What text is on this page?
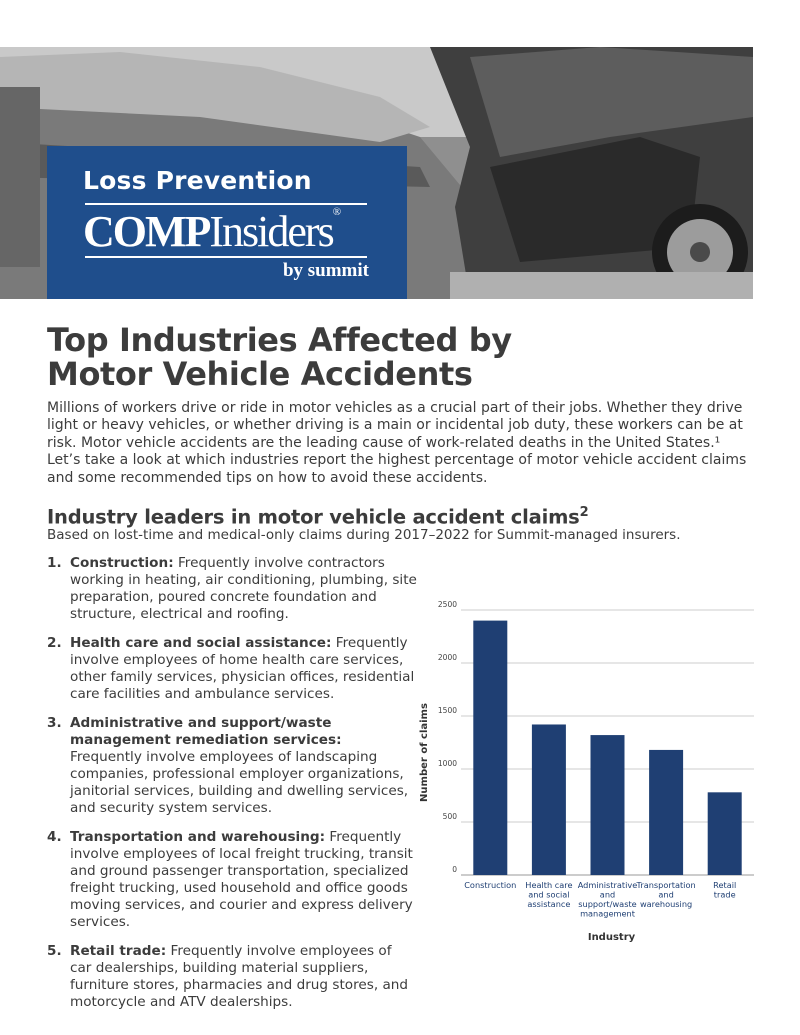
Loss Prevention
COMPInsiders®
by summit
Top Industries Affected by
Motor Vehicle Accidents

Millions of workers drive or ride in motor vehicles as a crucial part of their jobs. Whether they drive light or heavy vehicles, or whether driving is a main or incidental job duty, these workers can be at risk. Motor vehicle accidents are the leading cause of work-related deaths in the United States.¹ Let’s take a look at which industries report the highest percentage of motor vehicle accident claims and some recommended tips on how to avoid these accidents.

Industry leaders in motor vehicle accident claims$^2$

Based on lost-time and medical-only claims during 2017–2022 for Summit-managed insurers.

1. Construction: Frequently involve contractors working in heating, air conditioning, plumbing, site preparation, poured concrete foundation and structure, electrical and roofing.
2. Health care and social assistance: Frequently involve employees of home health care services, other family services, physician offices, residential care facilities and ambulance services.
3. Administrative and support/waste management remediation services: Frequently involve employees of landscaping companies, professional employer organizations, janitorial services, building and dwelling services, and security system services.
4. Transportation and warehousing: Frequently involve employees of local freight trucking, transit and ground passenger transportation, specialized freight trucking, used household and office goods moving services, and courier and express delivery services.
5. Retail trade: Frequently involve employees of car dealerships, building material suppliers, furniture stores, pharmacies and drug stores, and motorcycle and ATV dealerships.
0
500
1000
1500
2000
2500
Construction Health care and social assistance
Administrative and support/waste management
Transportation and warehousing
Retail trade
Industry
Number of claims
